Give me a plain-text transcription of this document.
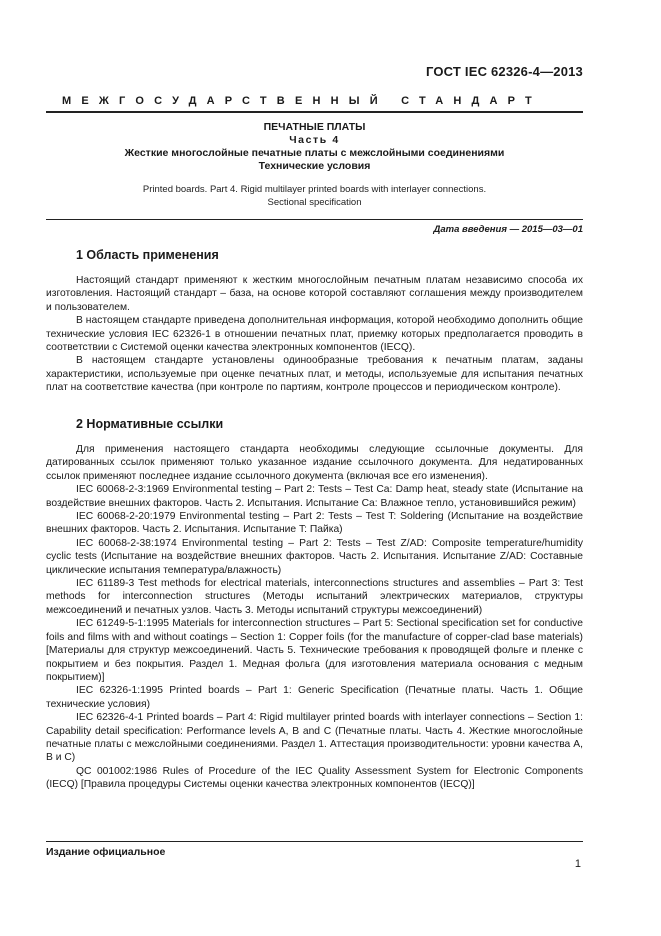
ГОСТ IEC 62326-4—2013
МЕЖГОСУДАРСТВЕННЫЙ СТАНДАРТ
ПЕЧАТНЫЕ ПЛАТЫ
Часть 4
Жесткие многослойные печатные платы с межслойными соединениями
Технические условия
Printed boards. Part 4. Rigid multilayer printed boards with interlayer connections.
Sectional specification
Дата введения — 2015—03—01
1 Область применения

Настоящий стандарт применяют к жестким многослойным печатным платам независимо способа их изготовления. Настоящий стандарт – база, на основе которой составляют соглашения между производителем и пользователем.

В настоящем стандарте приведена дополнительная информация, которой необходимо дополнить общие технические условия IEC 62326-1 в отношении печатных плат, приемку которых предполагается проводить в соответствии с Системой оценки качества электронных компонентов (IECQ).

В настоящем стандарте установлены одинообразные требования к печатным платам, заданы характеристики, используемые при оценке печатных плат, и методы, используемые для испытания печатных плат на соответствие качества (при контроле по партиям, контроле процессов и периодическом контроле).

2 Нормативные ссылки

Для применения настоящего стандарта необходимы следующие ссылочные документы. Для датированных ссылок применяют только указанное издание ссылочного документа. Для недатированных ссылок применяют последнее издание ссылочного документа (включая все его изменения).

IEC 60068-2-3:1969 Environmental testing – Part 2: Tests – Test Ca: Damp heat, steady state (Испытание на воздействие внешних факторов. Часть 2. Испытания. Испытание Ca: Влажное тепло, установившийся режим)

IEC 60068-2-20:1979 Environmental testing – Part 2: Tests – Test T: Soldering (Испытание на воздействие внешних факторов. Часть 2. Испытания. Испытание T: Пайка)

IEC 60068-2-38:1974 Environmental testing – Part 2: Tests – Test Z/AD: Composite temperature/humidity cyclic tests (Испытание на воздействие внешних факторов. Часть 2. Испытания. Испытание Z/AD: Составные циклические испытания температура/влажность)

IEC 61189-3 Test methods for electrical materials, interconnections structures and assemblies – Part 3: Test methods for interconnection structures (Методы испытаний электрических материалов, структуры межсоединений и печатных узлов. Часть 3. Методы испытаний структуры межсоединений)

IEC 61249-5-1:1995 Materials for interconnection structures – Part 5: Sectional specification set for conductive foils and films with and without coatings – Section 1: Copper foils (for the manufacture of copper-clad base materials) [Материалы для структур межсоединений. Часть 5. Технические требования к проводящей фольге и пленке с покрытием и без покрытия. Раздел 1. Медная фольга (для изготовления материала основания с медным покрытием)]

IEC 62326-1:1995 Printed boards – Part 1: Generic Specification (Печатные платы. Часть 1. Общие технические условия)

IEC 62326-4-1 Printed boards – Part 4: Rigid multilayer printed boards with interlayer connections – Section 1: Capability detail specification: Performance levels A, B and C (Печатные платы. Часть 4. Жесткие многослойные печатные платы с межслойными соединениями. Раздел 1. Аттестация производительности: уровни качества А, В и С)

QC 001002:1986 Rules of Procedure of the IEC Quality Assessment System for Electronic Components (IECQ) [Правила процедуры Системы оценки качества электронных компонентов (IECQ)]

Издание официальное
1
